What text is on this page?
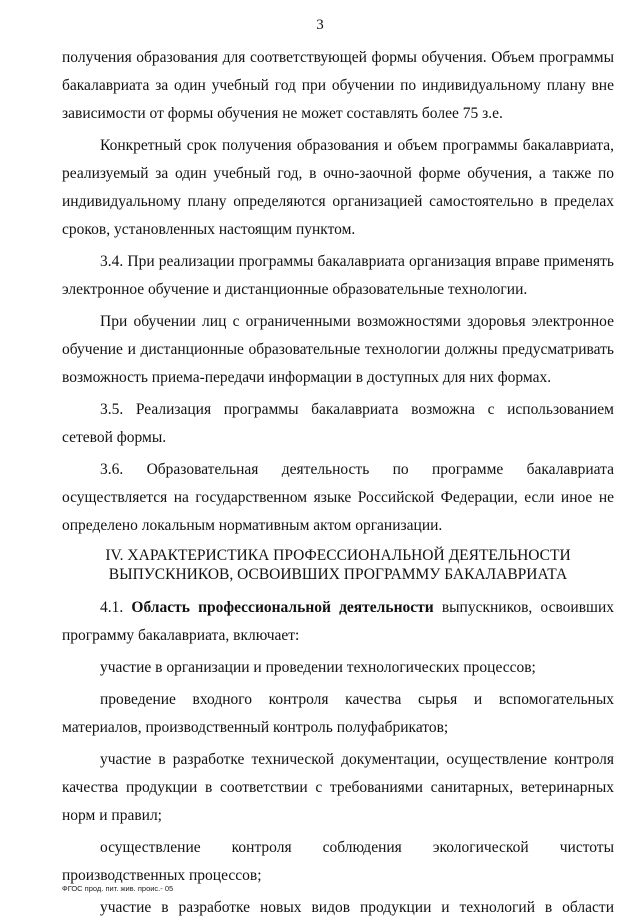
3

получения образования для соответствующей формы обучения. Объем программы бакалавриата за один учебный год при обучении по индивидуальному плану вне зависимости от формы обучения не может составлять более 75 з.е.

Конкретный срок получения образования и объем программы бакалавриата, реализуемый за один учебный год, в очно-заочной форме обучения, а также по индивидуальному плану определяются организацией самостоятельно в пределах сроков, установленных настоящим пунктом.

3.4. При реализации программы бакалавриата организация вправе применять электронное обучение и дистанционные образовательные технологии.

При обучении лиц с ограниченными возможностями здоровья электронное обучение и дистанционные образовательные технологии должны предусматривать возможность приема-передачи информации в доступных для них формах.

3.5. Реализация программы бакалавриата возможна с использованием сетевой формы.

3.6. Образовательная деятельность по программе бакалавриата осуществляется на государственном языке Российской Федерации, если иное не определено локальным нормативным актом организации.

IV. ХАРАКТЕРИСТИКА ПРОФЕССИОНАЛЬНОЙ ДЕЯТЕЛЬНОСТИ
ВЫПУСКНИКОВ, ОСВОИВШИХ ПРОГРАММУ БАКАЛАВРИАТА

4.1. Область профессиональной деятельности выпускников, освоивших программу бакалавриата, включает:

участие в организации и проведении технологических процессов;

проведение входного контроля качества сырья и вспомогательных материалов, производственный контроль полуфабрикатов;

участие в разработке технической документации, осуществление контроля качества продукции в соответствии с требованиями санитарных, ветеринарных норм и правил;

осуществление контроля соблюдения экологической чистоты производственных процессов;

участие в разработке новых видов продукции и технологий в области

ФГОС прод. пит. жив. проис.- 05
